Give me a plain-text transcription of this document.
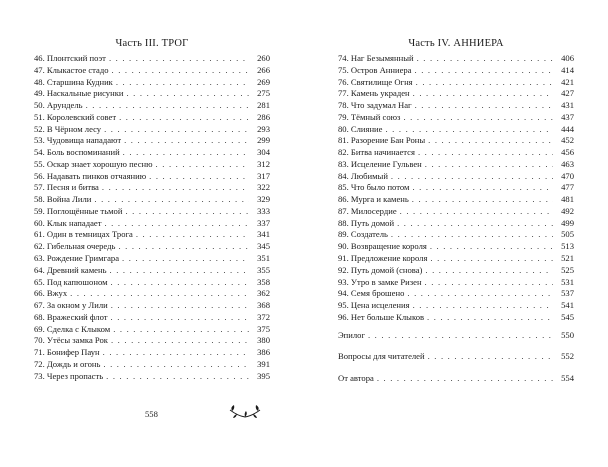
Часть III. ТРОГ
46. Плонтский поэт . . .	260
47. Клыкастое стадо . . .	266
48. Старшина Кудник . . .	269
49. Наскальные рисунки . . .	275
50. Арундель . . .	281
51. Королевский совет . . .	286
52. В Чёрном лесу . . .	293
53. Чудовища нападают . . .	299
54. Боль воспоминаний . . .	304
55. Оскар знает хорошую песню . . .	312
56. Надавать пинков отчаянию . . .	317
57. Песня и битва . . .	322
58. Война Лили . . .	329
59. Поглощённые тьмой . . .	333
60. Клык нападает . . .	337
61. Один в темницах Трога . . .	341
62. Гибельная очередь . . .	345
63. Рождение Гримгара . . .	351
64. Древний камень . . .	355
65. Под капюшоном . . .	358
66. Вжух . . .	362
67. За окном у Лили . . .	368
68. Вражеский флот . . .	372
69. Сделка с Клыком . . .	375
70. Утёсы замка Рок . . .	380
71. Бонифер Паун . . .	386
72. Дождь и огонь . . .	391
73. Через пропасть . . .	395
Часть IV. АННИЕРА
74. Наг Безымянный . . .	406
75. Остров Анниера . . .	414
76. Святилище Огня . . .	421
77. Камень украден . . .	427
78. Что задумал Наг . . .	431
79. Тёмный союз . . .	437
80. Слияние . . .	444
81. Разорение Бан Роны . . .	452
82. Битва начинается . . .	456
83. Исцеление Гульвен . . .	463
84. Любимый . . .	470
85. Что было потом . . .	477
86. Мурга и камень . . .	481
87. Милосердие . . .	492
88. Путь домой . . .	499
89. Создатель . . .	505
90. Возвращение короля . . .	513
91. Предложение короля . . .	521
92. Путь домой (снова) . . .	525
93. Утро в замке Ризен . . .	531
94. Семя брошено . . .	537
95. Цена исцеления . . .	541
96. Нет больше Клыков . . .	545
Эпилог . . .	550
Вопросы для читателей . . .	552
От автора . . .	554
558
